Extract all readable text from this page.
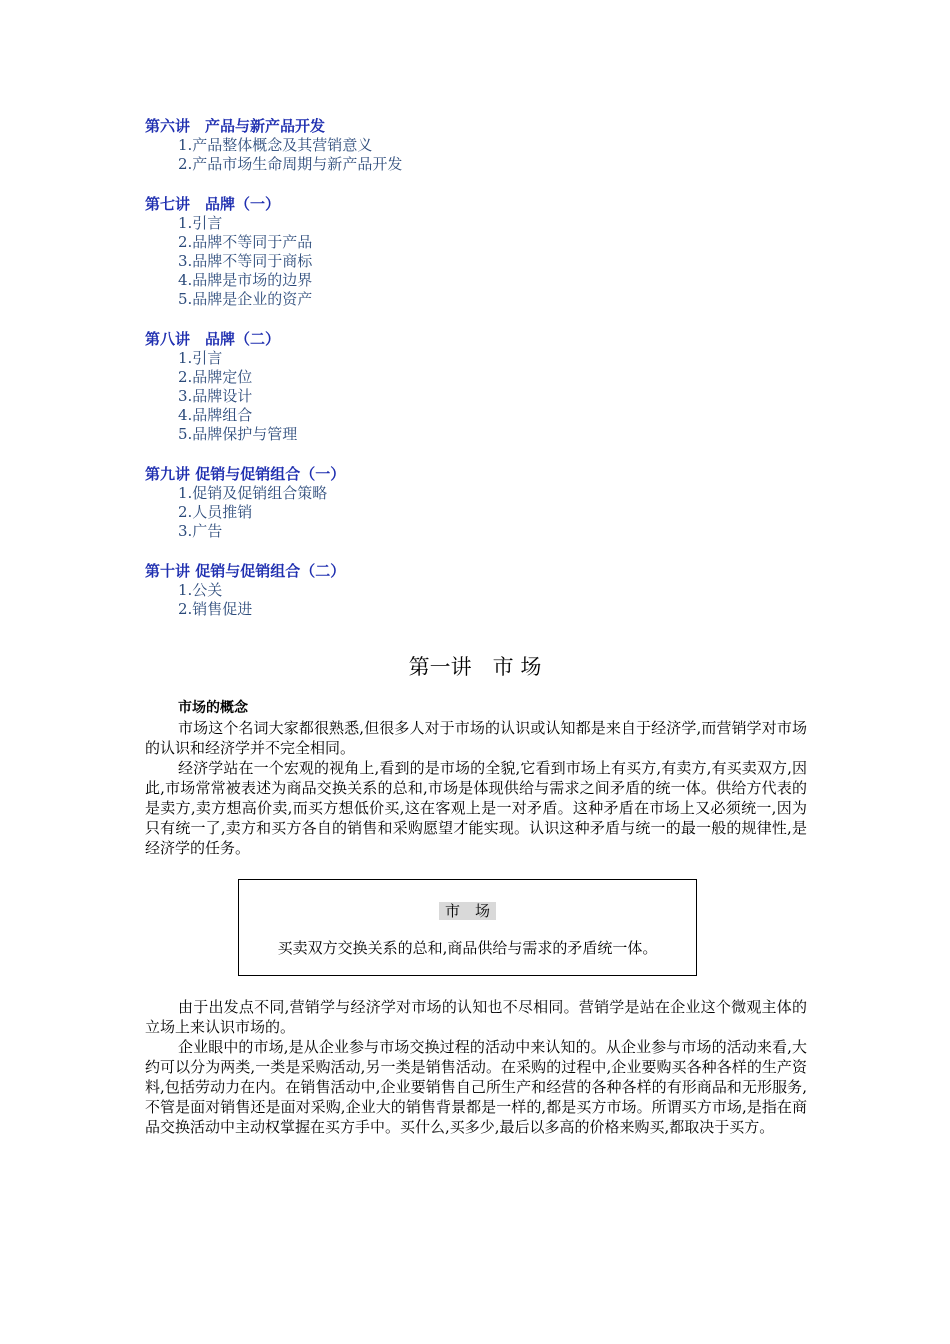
第六讲　产品与新产品开发
1.产品整体概念及其营销意义
2.产品市场生命周期与新产品开发
第七讲　品牌（一）
1.引言
2.品牌不等同于产品
3.品牌不等同于商标
4.品牌是市场的边界
5.品牌是企业的资产
第八讲　品牌（二）
1.引言
2.品牌定位
3.品牌设计
4.品牌组合
5.品牌保护与管理
第九讲 促销与促销组合（一）
1.促销及促销组合策略
2.人员推销
3.广告
第十讲 促销与促销组合（二）
1.公关
2.销售促进
第一讲　市 场
市场的概念

市场这个名词大家都很熟悉,但很多人对于市场的认识或认知都是来自于经济学,而营销学对市场的认识和经济学并不完全相同。

经济学站在一个宏观的视角上,看到的是市场的全貌,它看到市场上有买方,有卖方,有买卖双方,因此,市场常常被表述为商品交换关系的总和,市场是体现供给与需求之间矛盾的统一体。供给方代表的是卖方,卖方想高价卖,而买方想低价买,这在客观上是一对矛盾。这种矛盾在市场上又必须统一,因为只有统一了,卖方和买方各自的销售和采购愿望才能实现。认识这种矛盾与统一的最一般的规律性,是经济学的任务。

市　场
买卖双方交换关系的总和,商品供给与需求的矛盾统一体。

由于出发点不同,营销学与经济学对市场的认知也不尽相同。营销学是站在企业这个微观主体的立场上来认识市场的。

企业眼中的市场,是从企业参与市场交换过程的活动中来认知的。从企业参与市场的活动来看,大约可以分为两类,一类是采购活动,另一类是销售活动。在采购的过程中,企业要购买各种各样的生产资料,包括劳动力在内。在销售活动中,企业要销售自己所生产和经营的各种各样的有形商品和无形服务,不管是面对销售还是面对采购,企业大的销售背景都是一样的,都是买方市场。所谓买方市场,是指在商品交换活动中主动权掌握在买方手中。买什么,买多少,最后以多高的价格来购买,都取决于买方。
